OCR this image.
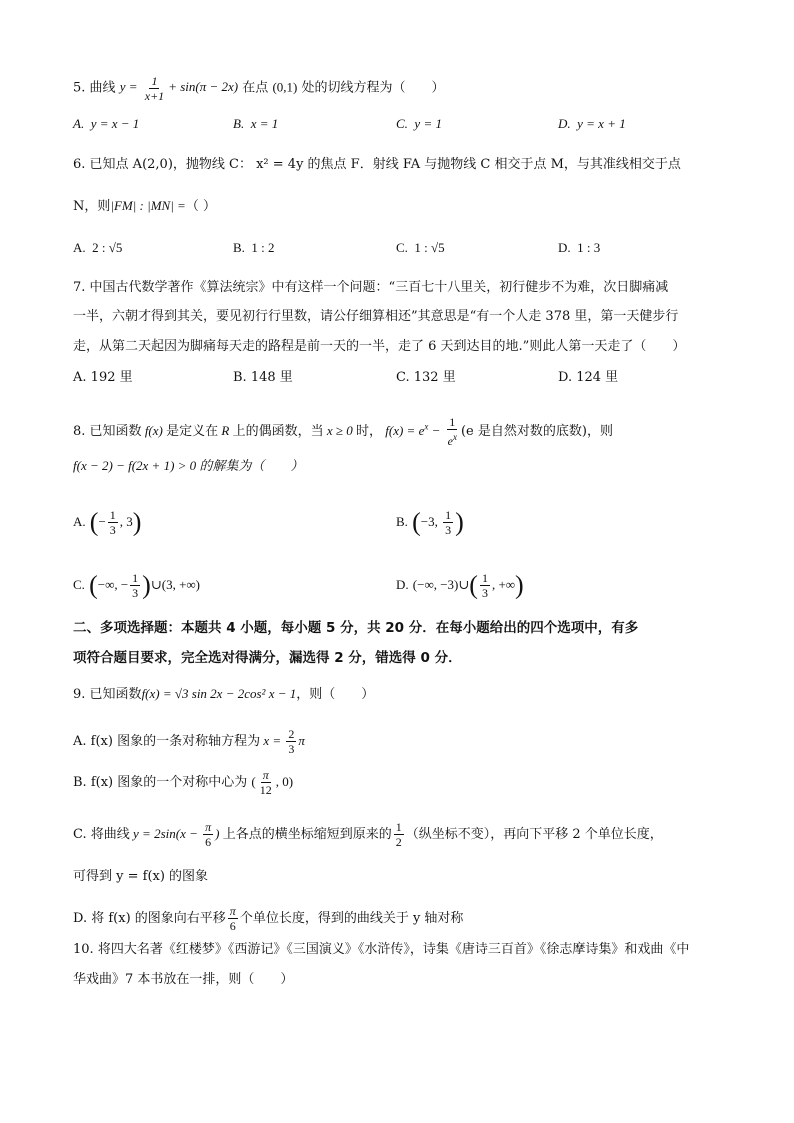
5. 曲线 $y = \frac{1}{x+1} + \sin(\pi - 2x)$ 在点 (0,1) 处的切线方程为（　　）
A. y = x − 1	B. x = 1	C. y = 1	D. y = x + 1
6. 已知点 A(2,0)，抛物线 C： x² = 4y 的焦点 F．射线 FA 与抛物线 C 相交于点 M，与其准线相交于点
N，则|FM| : |MN| =（ ）
A. 2 : √5	B. 1 : 2	C. 1 : √5	D. 1 : 3
7. 中国古代数学著作《算法统宗》中有这样一个问题：“三百七十八里关，初行健步不为难，次日脚痛减
一半，六朝才得到其关，要见初行行里数，请公仔细算相还”其意思是“有一个人走 378 里，第一天健步行
走，从第二天起因为脚痛每天走的路程是前一天的一半，走了 6 天到达目的地.”则此人第一天走了（　　）
A. 192 里	B. 148 里	C. 132 里	D. 124 里
8. 已知函数 f(x) 是定义在 R 上的偶函数，当 x ≥ 0 时， $f(x) = e^x - \frac{1}{e^x} (e$ 是自然对数的底数)，则
f(x − 2) − f(2x + 1) > 0 的解集为（　　）
A. (− $\frac{1}{3}$ , 3)	B. (−3, $\frac{1}{3}$ )
C. (−∞, − $\frac{1}{3}$ )∪(3, +∞)	D. (−∞, −3)∪( $\frac{1}{3}$ , +∞)
二、多项选择题：本题共 4 小题，每小题 5 分，共 20 分．在每小题给出的四个选项中，有多
项符合题目要求，完全选对得满分，漏选得 2 分，错选得 0 分．
9. 已知函数f(x) = √3 sin 2x − 2cos² x − 1，则（　　）
A. f(x) 图象的一条对称轴方程为 $x = \frac{2}{3}$ π
B. f(x) 图象的一个对称中心为 ( $\frac{\pi}{12}$ , 0)
C. 将曲线 $y = 2\sin(x - \frac{\pi}{6}$ ) 上各点的横坐标缩短到原来的 $\frac{1}{2}$ （纵坐标不变），再向下平移 2 个单位长度，
可得到 y = f(x) 的图象
D. 将 f(x) 的图象向右平移 $\frac{\pi}{6}$ 个单位长度，得到的曲线关于 y 轴对称
10. 将四大名著《红楼梦》《西游记》《三国演义》《水浒传》，诗集《唐诗三百首》《徐志摩诗集》和戏曲《中
华戏曲》7 本书放在一排，则（　　）
